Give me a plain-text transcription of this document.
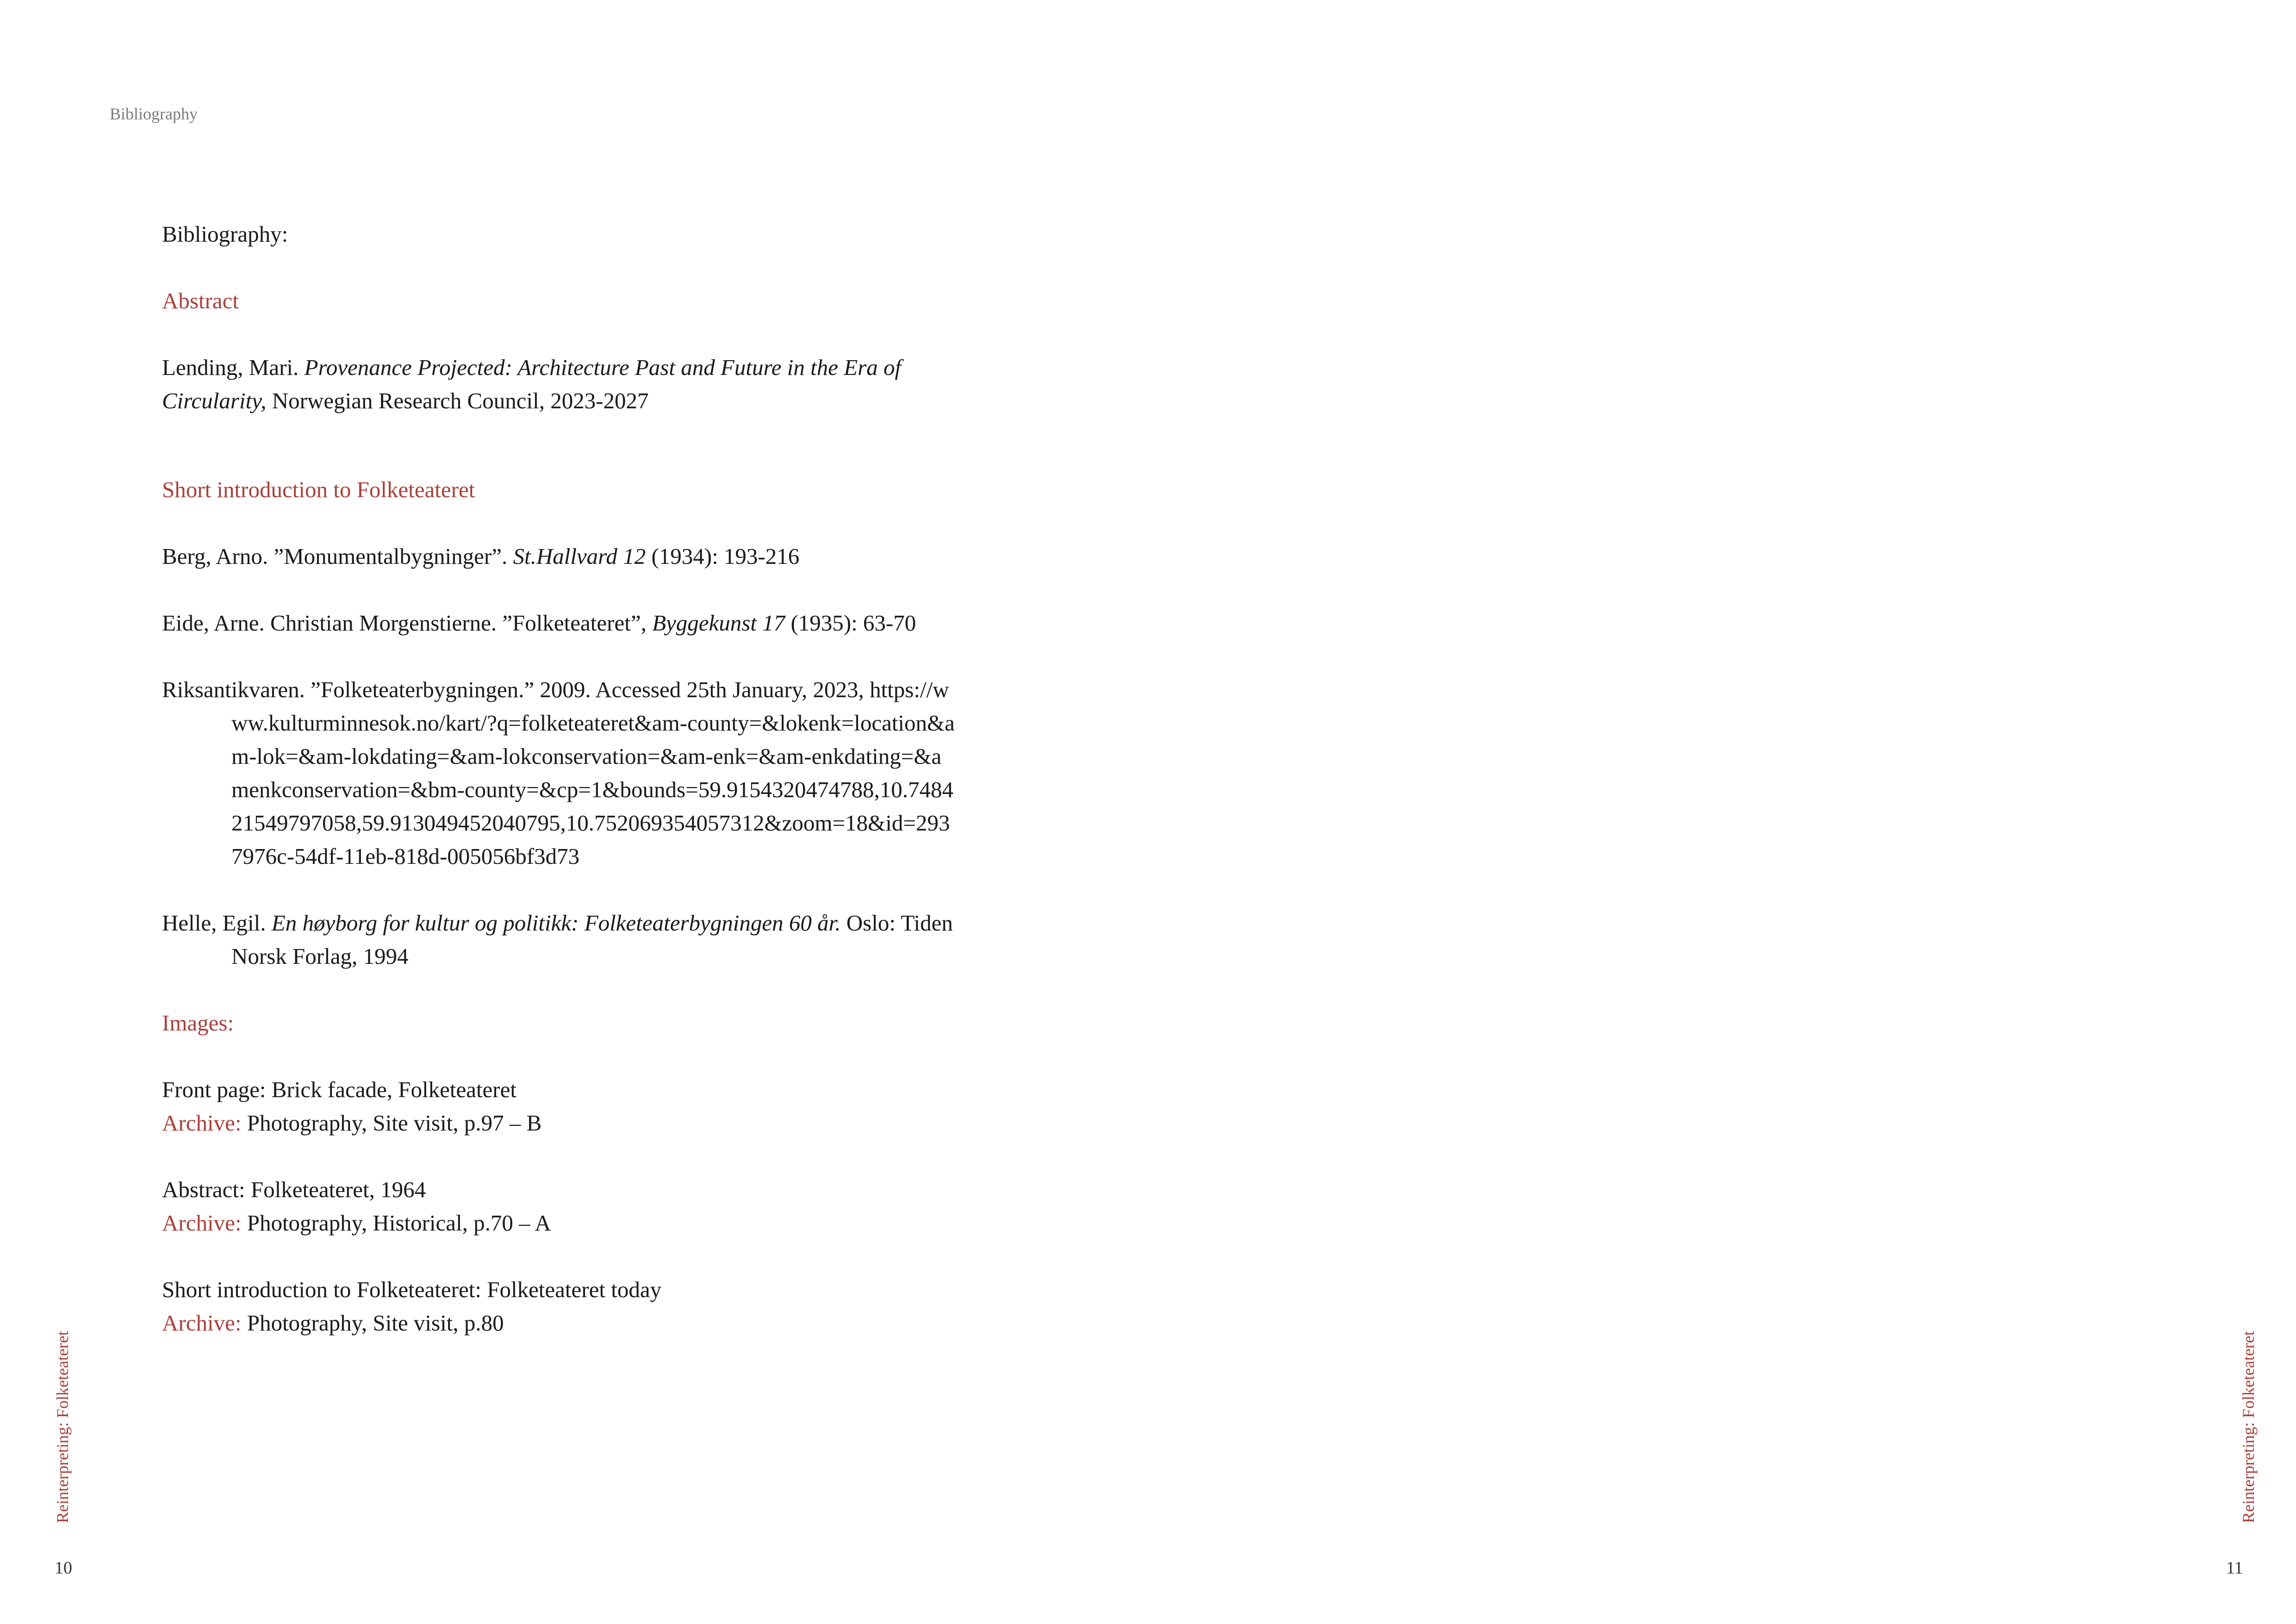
Bibliography

Bibliography:

Abstract

Lending, Mari. Provenance Projected: Architecture Past and Future in the Era of Circularity, Norwegian Research Council, 2023-2027

Short introduction to Folketeateret

Berg, Arno. ”Monumentalbygninger”. St.Hallvard 12 (1934): 193-216

Eide, Arne. Christian Morgenstierne. ”Folketeateret”, Byggekunst 17 (1935): 63-70

Riksantikvaren. ”Folketeaterbygningen.” 2009. Accessed 25th January, 2023, https://www.kulturminnesok.no/kart/?q=folketeateret&am-county=&lokenk=location&am-lok=&am-lokdating=&am-lokconservation=&am-enk=&am-enkdating=&amenkconservation=&bm-county=&cp=1&bounds=59.9154320474788,10.748421549797058,59.913049452040795,10.752069354057312&zoom=18&id=2937976c-54df-11eb-818d-005056bf3d73

Helle, Egil. En høyborg for kultur og politikk: Folketeaterbygningen 60 år. Oslo: Tiden Norsk Forlag, 1994

Images:

Front page: Brick facade, Folketeateret

Archive: Photography, Site visit, p.97 – B

Abstract: Folketeateret, 1964

Archive: Photography, Historical, p.70 – A

Short introduction to Folketeateret: Folketeateret today

Archive: Photography, Site visit, p.80

Reinterpreting: Folketeateret	Reinterpreting: Folketeateret
10	11
